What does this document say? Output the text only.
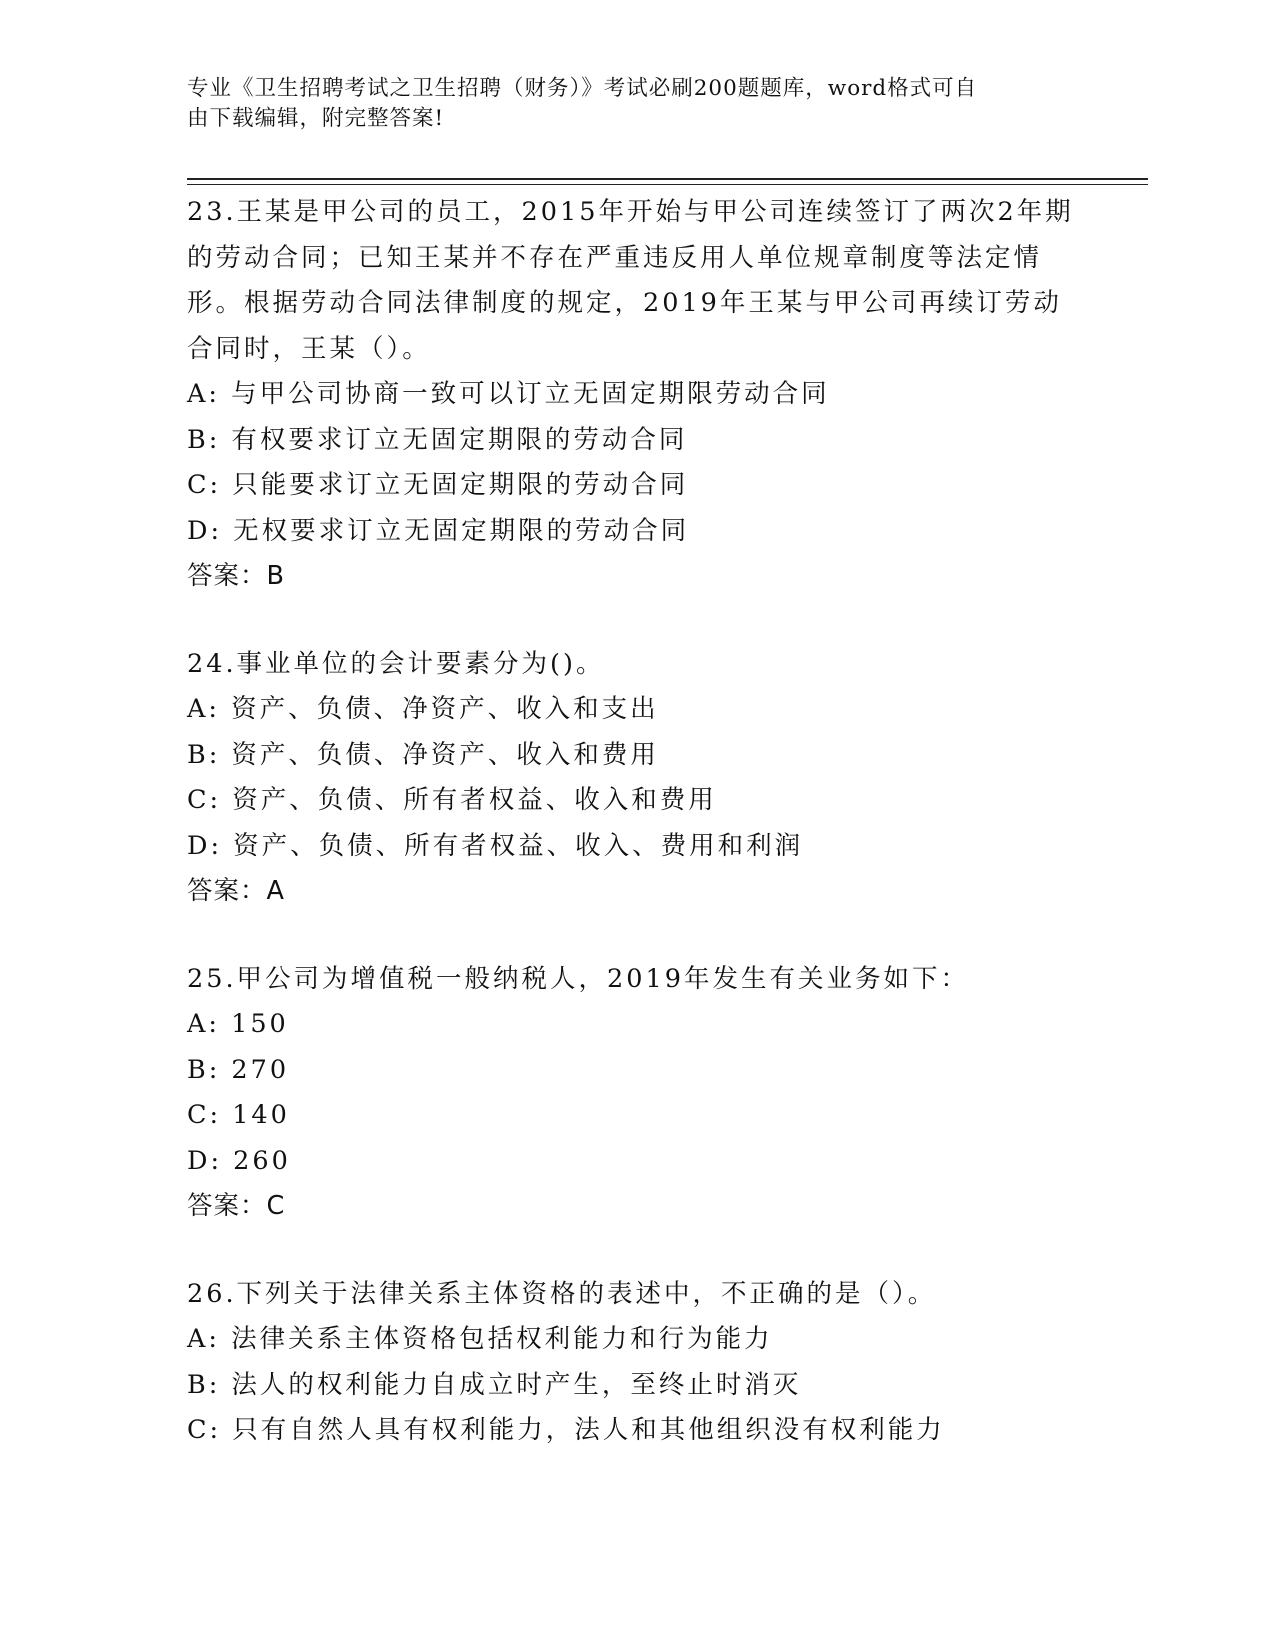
专业《卫生招聘考试之卫生招聘（财务）》考试必刷200题题库，word格式可自
由下载编辑，附完整答案!
23.王某是甲公司的员工，2015年开始与甲公司连续签订了两次2年期
的劳动合同；已知王某并不存在严重违反用人单位规章制度等法定情
形。根据劳动合同法律制度的规定，2019年王某与甲公司再续订劳动
合同时，王某（）。
A: 与甲公司协商一致可以订立无固定期限劳动合同
B: 有权要求订立无固定期限的劳动合同
C: 只能要求订立无固定期限的劳动合同
D: 无权要求订立无固定期限的劳动合同
答案：B
24.事业单位的会计要素分为()。
A: 资产、负债、净资产、收入和支出
B: 资产、负债、净资产、收入和费用
C: 资产、负债、所有者权益、收入和费用
D: 资产、负债、所有者权益、收入、费用和利润
答案：A
25.甲公司为增值税一般纳税人，2019年发生有关业务如下：
A: 150
B: 270
C: 140
D: 260
答案：C
26.下列关于法律关系主体资格的表述中，不正确的是（）。
A: 法律关系主体资格包括权利能力和行为能力
B: 法人的权利能力自成立时产生，至终止时消灭
C: 只有自然人具有权利能力，法人和其他组织没有权利能力
